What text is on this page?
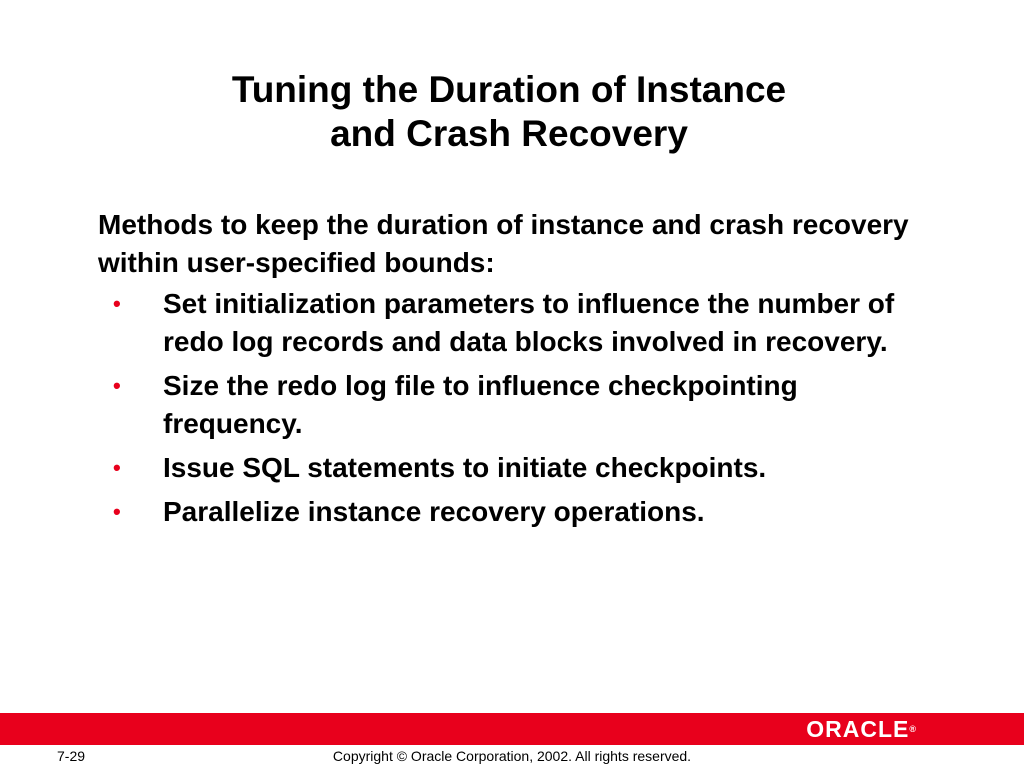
Tuning the Duration of Instance
and Crash Recovery

Methods to keep the duration of instance and crash recovery within user-specified bounds:

• Set initialization parameters to influence the number of redo log records and data blocks involved in recovery.
• Size the redo log file to influence checkpointing frequency.
• Issue SQL statements to initiate checkpoints.
• Parallelize instance recovery operations.
ORACLE®
7-29	Copyright © Oracle Corporation, 2002. All rights reserved.
